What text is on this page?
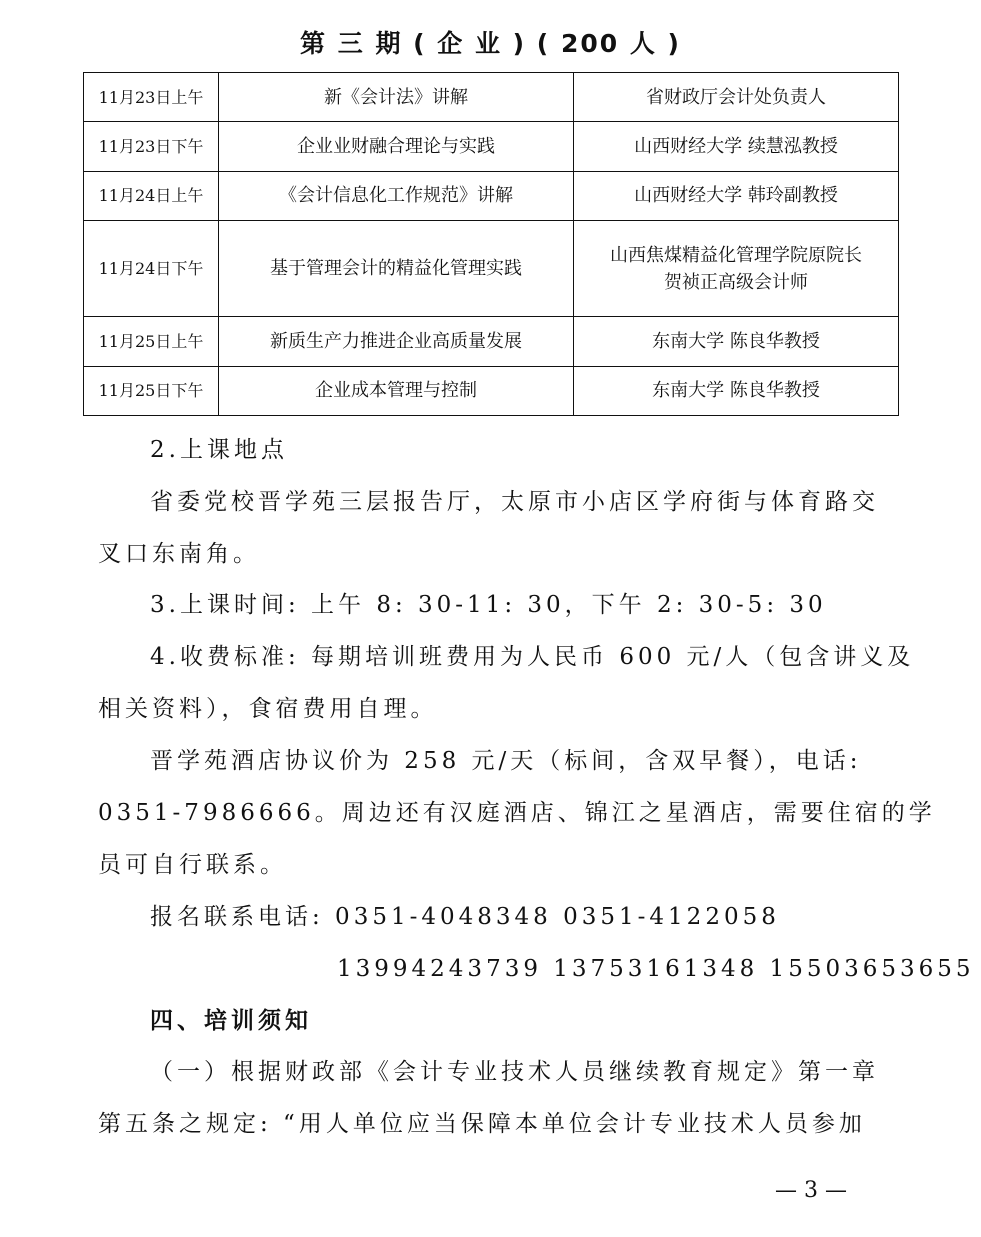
第 三 期 ( 企 业 ) ( 200 人 )
11月23日上午	新《会计法》讲解	省财政厅会计处负责人
11月23日下午	企业业财融合理论与实践	山西财经大学 续慧泓教授
11月24日上午	《会计信息化工作规范》讲解	山西财经大学 韩玲副教授
11月24日下午	基于管理会计的精益化管理实践	山西焦煤精益化管理学院原院长
贺祯正高级会计师

11月25日上午	新质生产力推进企业高质量发展	东南大学 陈良华教授
11月25日下午	企业成本管理与控制	东南大学 陈良华教授
2.上课地点
省委党校晋学苑三层报告厅，太原市小店区学府街与体育路交
叉口东南角。
3.上课时间: 上午 8: 30-11: 30，下午 2: 30-5: 30
4.收费标准: 每期培训班费用为人民币 600 元/人（包含讲义及
相关资料），食宿费用自理。
晋学苑酒店协议价为 258 元/天（标间，含双早餐），电话:
0351-7986666。周边还有汉庭酒店、锦江之星酒店，需要住宿的学
员可自行联系。
报名联系电话: 0351-4048348 0351-4122058
13994243739 13753161348 15503653655
四、培训须知
（一）根据财政部《会计专业技术人员继续教育规定》第一章
第五条之规定: “用人单位应当保障本单位会计专业技术人员参加
— 3 —
